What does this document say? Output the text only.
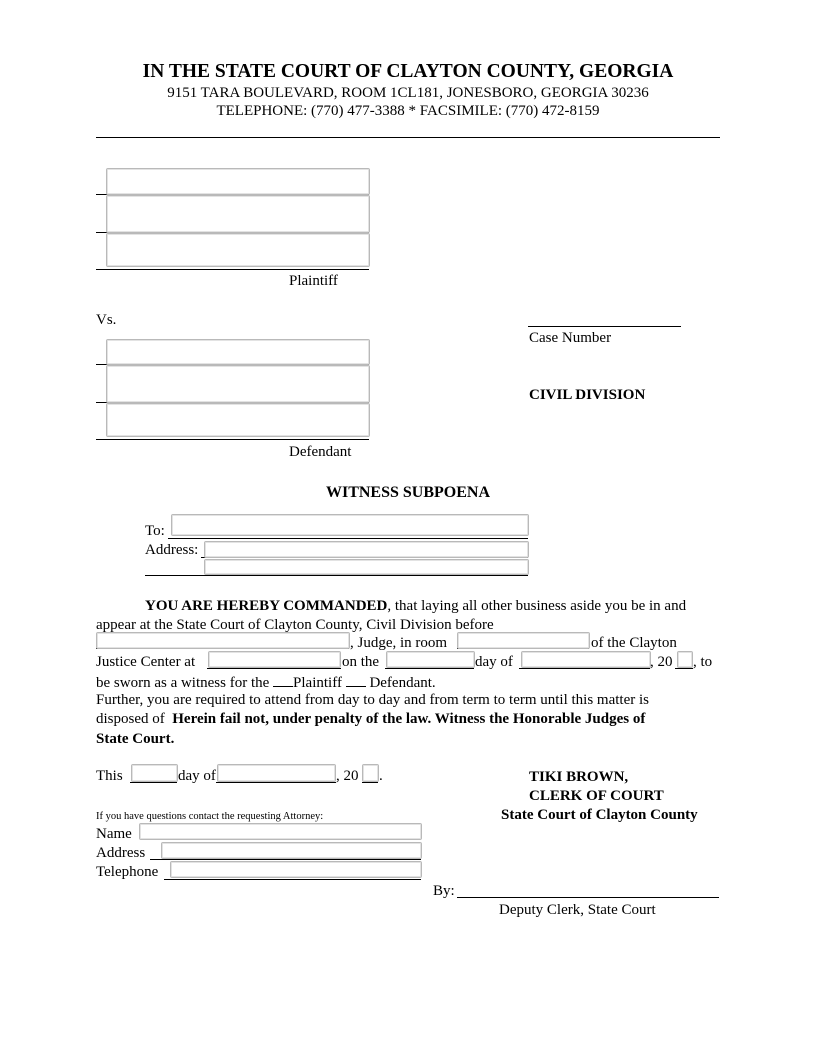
IN THE STATE COURT OF CLAYTON COUNTY, GEORGIA
9151 TARA BOULEVARD, ROOM 1CL181, JONESBORO, GEORGIA 30236
TELEPHONE: (770) 477-3388 * FACSIMILE: (770) 472-8159
Plaintiff
Vs.
Case Number
CIVIL DIVISION
Defendant
WITNESS SUBPOENA
To:
Address:
YOU ARE HEREBY COMMANDED, that laying all other business aside you be in and
appear at the State Court of Clayton County, Civil Division before
, Judge, in room	of the Clayton
Justice Center at	on the	day of	, 20 , to
be sworn as a witness for the Plaintiff Defendant.
Further, you are required to attend from day to day and from term to term until this matter is
disposed of Herein fail not, under penalty of the law. Witness the Honorable Judges of
State Court.
This	day of	, 20 .	TIKI BROWN,
CLERK OF COURT
State Court of Clayton County
If you have questions contact the requesting Attorney:
Name
Address
Telephone
By:
Deputy Clerk, State Court
